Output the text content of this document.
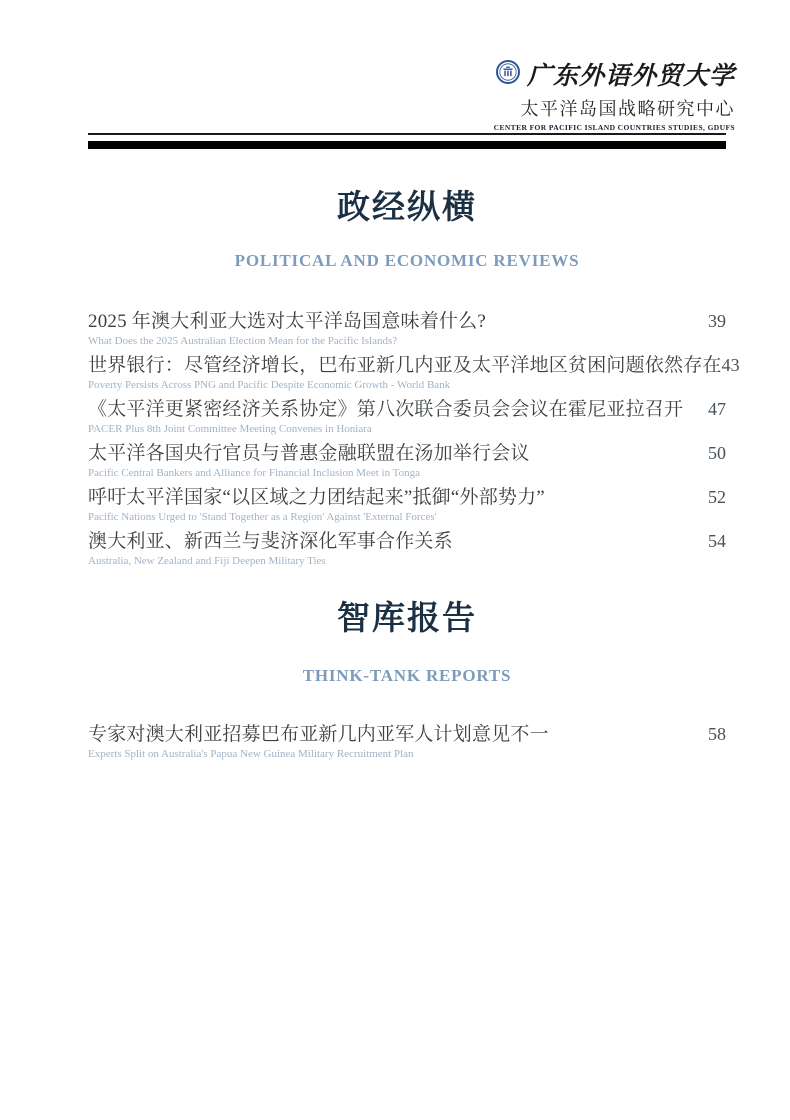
广东外语外贸大学
太平洋岛国战略研究中心
CENTER FOR PACIFIC ISLAND COUNTRIES STUDIES, GDUFS
政经纵横
POLITICAL AND ECONOMIC REVIEWS
2025 年澳大利亚大选对太平洋岛国意味着什么?	39
What Does the 2025 Australian Election Mean for the Pacific Islands?
世界银行：尽管经济增长，巴布亚新几内亚及太平洋地区贫困问题依然存在 43
Poverty Persists Across PNG and Pacific Despite Economic Growth - World Bank
《太平洋更紧密经济关系协定》第八次联合委员会会议在霍尼亚拉召开 47
PACER Plus 8th Joint Committee Meeting Convenes in Honiara
太平洋各国央行官员与普惠金融联盟在汤加举行会议	50
Pacific Central Bankers and Alliance for Financial Inclusion Meet in Tonga
呼吁太平洋国家“以区域之力团结起来”抵御“外部势力”	52
Pacific Nations Urged to 'Stand Together as a Region' Against 'External Forces'
澳大利亚、新西兰与斐济深化军事合作关系	54
Australia, New Zealand and Fiji Deepen Military Ties
智库报告
THINK-TANK REPORTS
专家对澳大利亚招募巴布亚新几内亚军人计划意见不一	58
Experts Split on Australia's Papua New Guinea Military Recruitment Plan
